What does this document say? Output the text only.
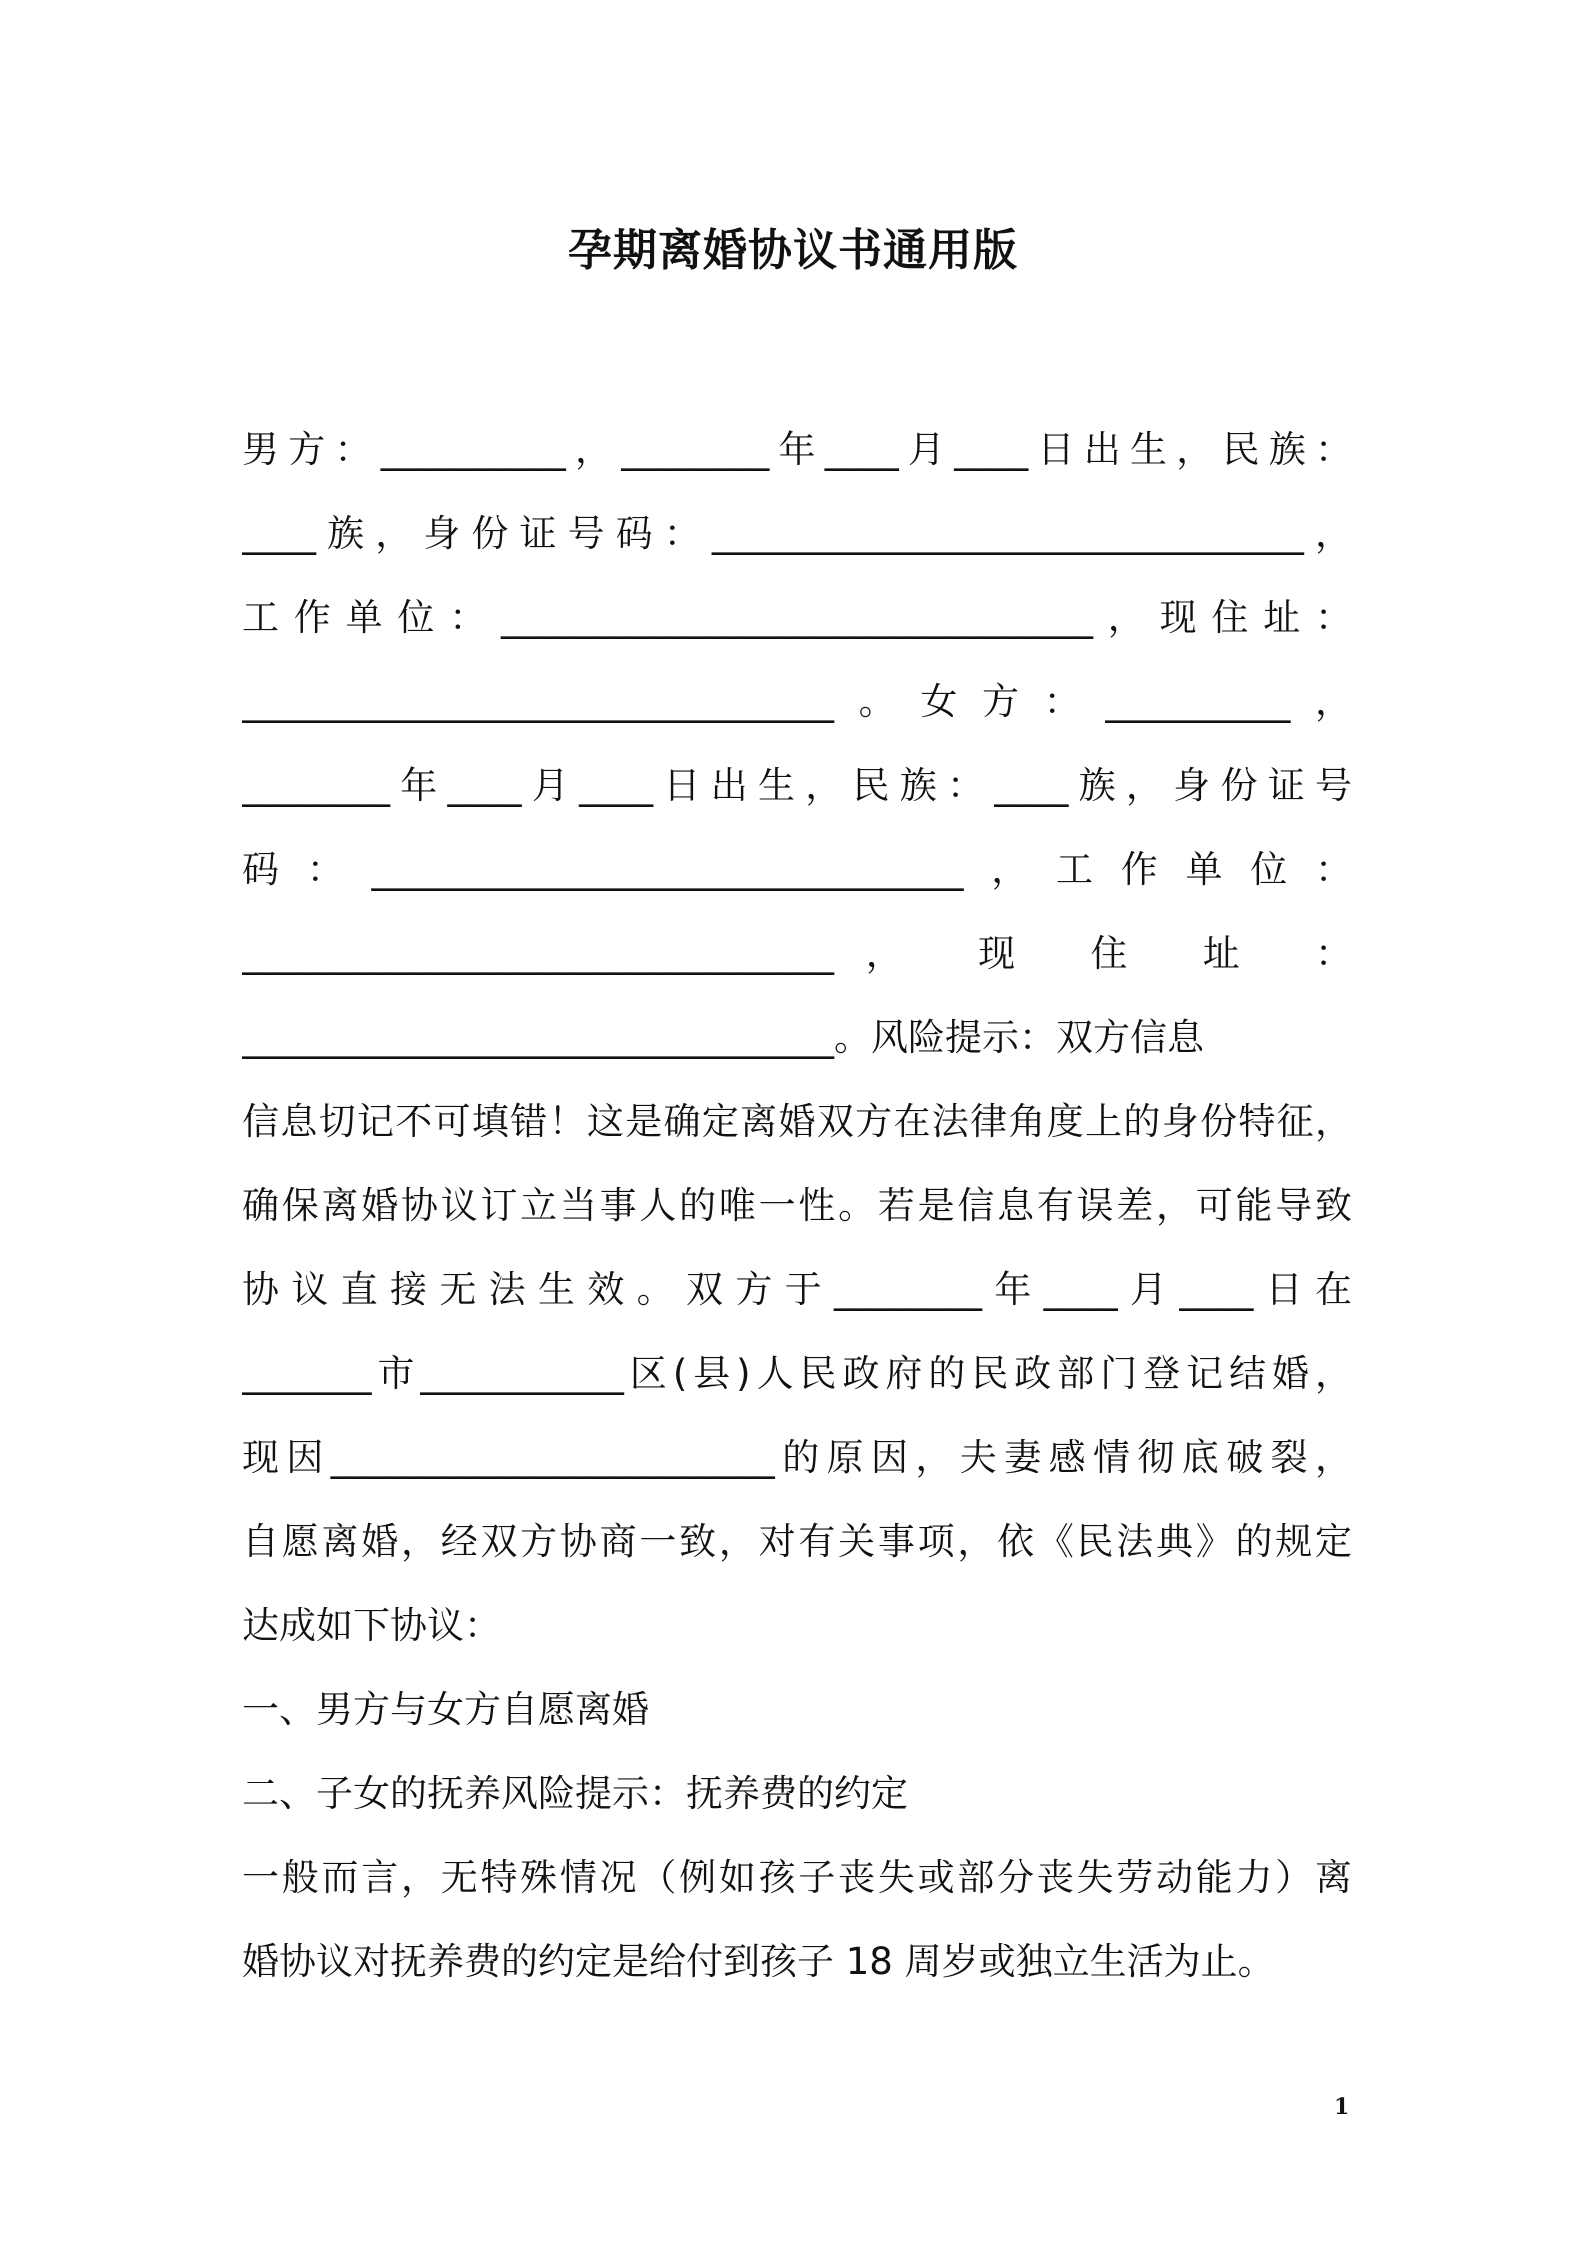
孕期离婚协议书通用版
男方：__________，________年____月____日出生，民族：
____族，身份证号码：________________________________，
工作单位：________________________________，现住址：
________________________________。女方：__________，
________年____月____日出生，民族：____族，身份证号
码：________________________________，工作单位：
________________________________， 现 住 址 ：
________________________________。风险提示：双方信息
信息切记不可填错！这是确定离婚双方在法律角度上的身份特征，
确保离婚协议订立当事人的唯一性。若是信息有误差，可能导致
协议直接无法生效。双方于________年____月____日在
_______市___________区(县)人民政府的民政部门登记结婚，
现因________________________的原因，夫妻感情彻底破裂，
自愿离婚，经双方协商一致，对有关事项，依《民法典》的规定
达成如下协议：
一、男方与女方自愿离婚
二、子女的抚养风险提示：抚养费的约定
一般而言，无特殊情况（例如孩子丧失或部分丧失劳动能力）离
婚协议对抚养费的约定是给付到孩子 18 周岁或独立生活为止。
1
